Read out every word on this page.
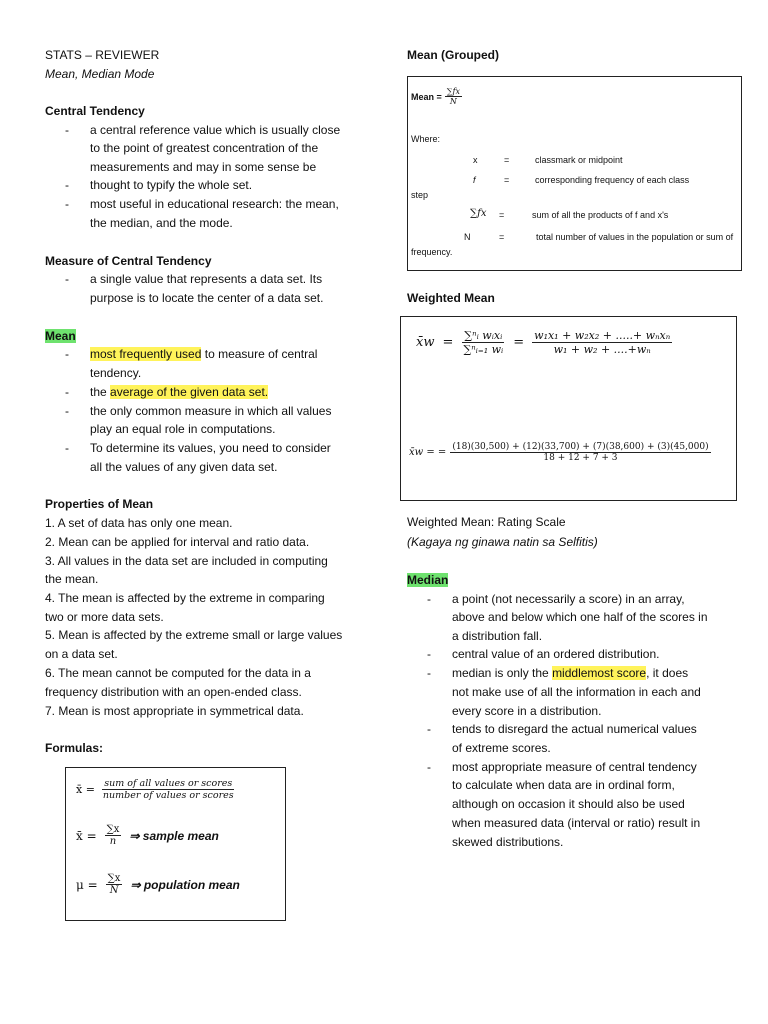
STATS – REVIEWER
Mean, Median Mode
Central Tendency
- a central reference value which is usually close
to the point of greatest concentration of the
measurements and may in some sense be
- thought to typify the whole set.
- most useful in educational research: the mean,
the median, and the mode.
Measure of Central Tendency
- a single value that represents a data set. Its
purpose is to locate the center of a data set.
Mean
- most frequently used to measure of central
tendency.
- the average of the given data set.
- the only common measure in which all values
play an equal role in computations.
- To determine its values, you need to consider
all the values of any given data set.
Properties of Mean
1. A set of data has only one mean.
2. Mean can be applied for interval and ratio data.
3. All values in the data set are included in computing
the mean.
4. The mean is affected by the extreme in comparing
two or more data sets.
5. Mean is affected by the extreme small or large values
on a data set.
6. The mean cannot be computed for the data in a
frequency distribution with an open-ended class.
7. Mean is most appropriate in symmetrical data.
Formulas:
x̄ = $\frac{\text{sum of all values or scores}}{\text{number of values or scores}}$
x̄ = $\frac{\sum x}{n}$ ⇒ sample mean
$\mu = \frac{\sum x}{N}$ ⇒ population mean
Mean (Grouped)
Weighted Mean
Weighted Mean: Rating Scale
(Kagaya ng ginawa natin sa Selfitis)
Median
- a point (not necessarily a score) in an array,
above and below which one half of the scores in
a distribution fall.
- central value of an ordered distribution.
- median is only the middlemost score, it does
not make use of all the information in each and
every score in a distribution.
- tends to disregard the actual numerical values
of extreme scores.
- most appropriate measure of central tendency
to calculate when data are in ordinal form,
although on occasion it should also be used
when measured data (interval or ratio) result in
skewed distributions.
Mean = $\frac{\sum fx}{N}$
Where:
x	=	classmark or midpoint
f	=	corresponding frequency of each class
step
∑fx =	sum of all the products of f and x's
N	=	total number of values in the population or sum of
frequency.
x̄w = $\frac{\text{∑ⁿᵢ wᵢxᵢ}}{\text{∑ⁿᵢ₌₁ wᵢ}} = \frac{\text{w₁x₁ + w₂x₂ + .....+ wₙxₙ}}{\text{w₁ + w₂ + ....+wₙ}}$
x̄w = = $\frac{(18)(30,500) + (12)(33,700) + (7)(38,600) + (3)(45,000)}{18 + 12 + 7 + 3}$
